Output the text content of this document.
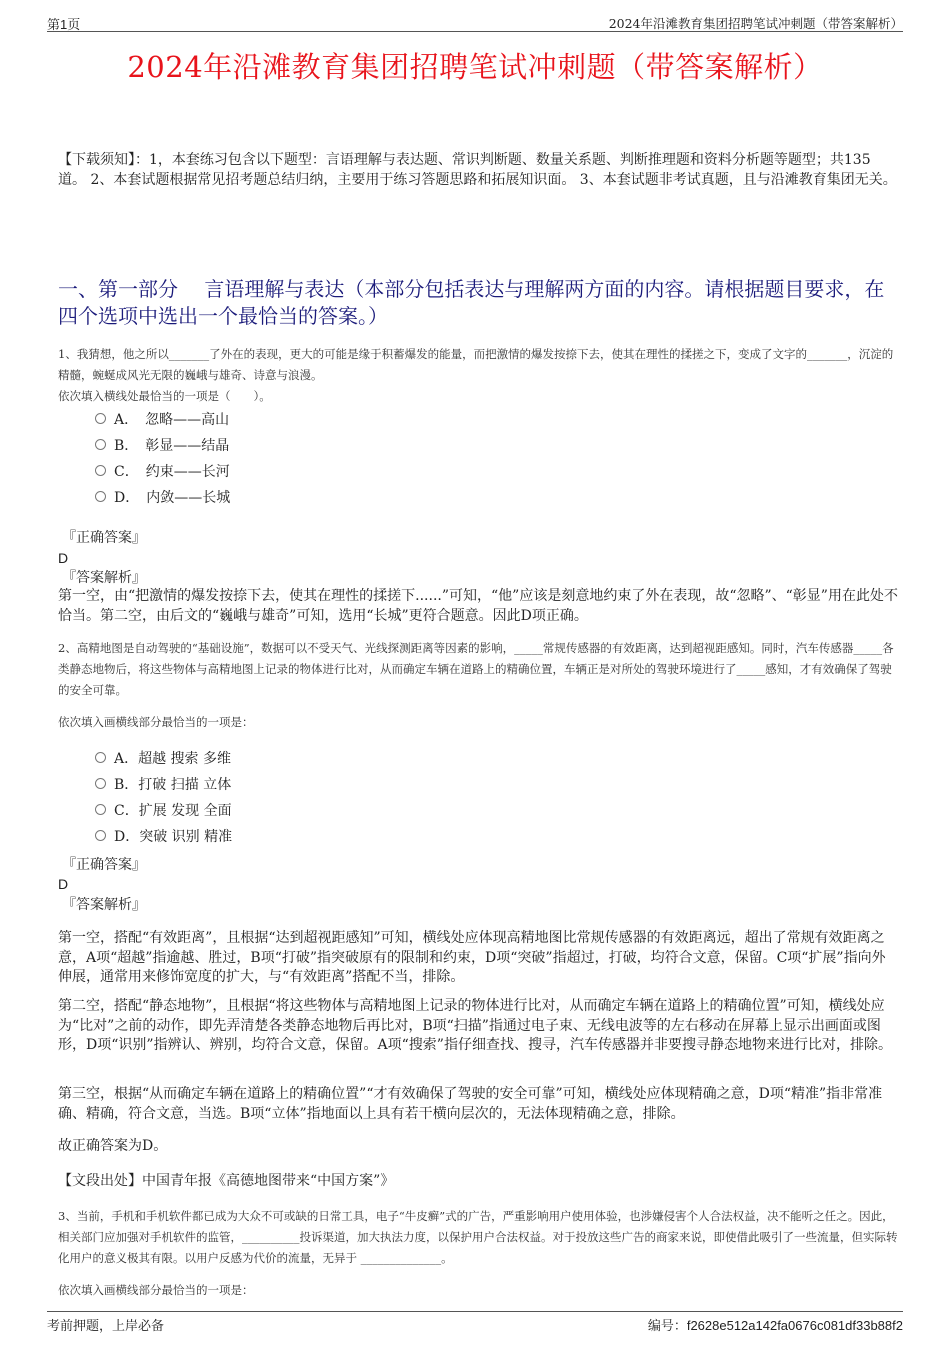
第1页	2024年沿滩教育集团招聘笔试冲刺题（带答案解析）
2024年沿滩教育集团招聘笔试冲刺题（带答案解析）
【下载须知】：1，本套练习包含以下题型：言语理解与表达题、常识判断题、数量关系题、判断推理题和资料分析题等题型；共135道。 2、本套试题根据常见招考题总结归纳，主要用于练习答题思路和拓展知识面。 3、本套试题非考试真题，且与沿滩教育集团无关。
一、第一部分　 言语理解与表达（本部分包括表达与理解两方面的内容。请根据题目要求，在四个选项中选出一个最恰当的答案。）
1、我猜想，他之所以_______了外在的表现，更大的可能是缘于积蓄爆发的能量，而把激情的爆发按捺下去，使其在理性的揉搓之下，变成了文字的_______，沉淀的精髓，蜿蜒成风光无限的巍峨与雄奇、诗意与浪漫。
依次填入横线处最恰当的一项是（　　）。
A．　忽略——高山
B．　彰显——结晶
C．　约束——长河
D．　内敛——长城
『正确答案』
D
『答案解析』
第一空，由“把激情的爆发按捺下去，使其在理性的揉搓下......”可知，“他”应该是刻意地约束了外在表现，故“忽略”、“彰显”用在此处不恰当。第二空，由后文的“巍峨与雄奇”可知，选用“长城”更符合题意。因此D项正确。
2、高精地图是自动驾驶的“基础设施”，数据可以不受天气、光线探测距离等因素的影响，_____常规传感器的有效距离，达到超视距感知。同时，汽车传感器_____各类静态地物后，将这些物体与高精地图上记录的物体进行比对，从而确定车辆在道路上的精确位置，车辆正是对所处的驾驶环境进行了_____感知，才有效确保了驾驶的安全可靠。
依次填入画横线部分最恰当的一项是：
A．超越 搜索 多维
B．打破 扫描 立体
C．扩展 发现 全面
D．突破 识别 精准
『正确答案』
D
『答案解析』
第一空，搭配“有效距离”，且根据“达到超视距感知”可知，横线处应体现高精地图比常规传感器的有效距离远，超出了常规有效距离之意，A项“超越”指逾越、胜过，B项“打破”指突破原有的限制和约束，D项“突破”指超过，打破，均符合文意，保留。C项“扩展”指向外伸展，通常用来修饰宽度的扩大，与“有效距离”搭配不当，排除。
第二空，搭配“静态地物”，且根据“将这些物体与高精地图上记录的物体进行比对，从而确定车辆在道路上的精确位置”可知，横线处应为“比对”之前的动作，即先弄清楚各类静态地物后再比对，B项“扫描”指通过电子束、无线电波等的左右移动在屏幕上显示出画面或图形，D项“识别”指辨认、辨别，均符合文意，保留。A项“搜索”指仔细查找、搜寻，汽车传感器并非要搜寻静态地物来进行比对，排除。
第三空，根据“从而确定车辆在道路上的精确位置”“才有效确保了驾驶的安全可靠”可知，横线处应体现精确之意，D项“精准”指非常准确、精确，符合文意，当选。B项“立体”指地面以上具有若干横向层次的，无法体现精确之意，排除。
故正确答案为D。
【文段出处】中国青年报《高德地图带来“中国方案”》
3、当前，手机和手机软件都已成为大众不可或缺的日常工具，电子“牛皮癣”式的广告，严重影响用户使用体验，也涉嫌侵害个人合法权益，决不能听之任之。因此，相关部门应加强对手机软件的监管，__________投诉渠道，加大执法力度，以保护用户合法权益。对于投放这些广告的商家来说，即使借此吸引了一些流量，但实际转化用户的意义极其有限。以用户反感为代价的流量，无异于 ______________。
依次填入画横线部分最恰当的一项是：
考前押题，上岸必备	编号：f2628e512a142fa0676c081df33b88f2
